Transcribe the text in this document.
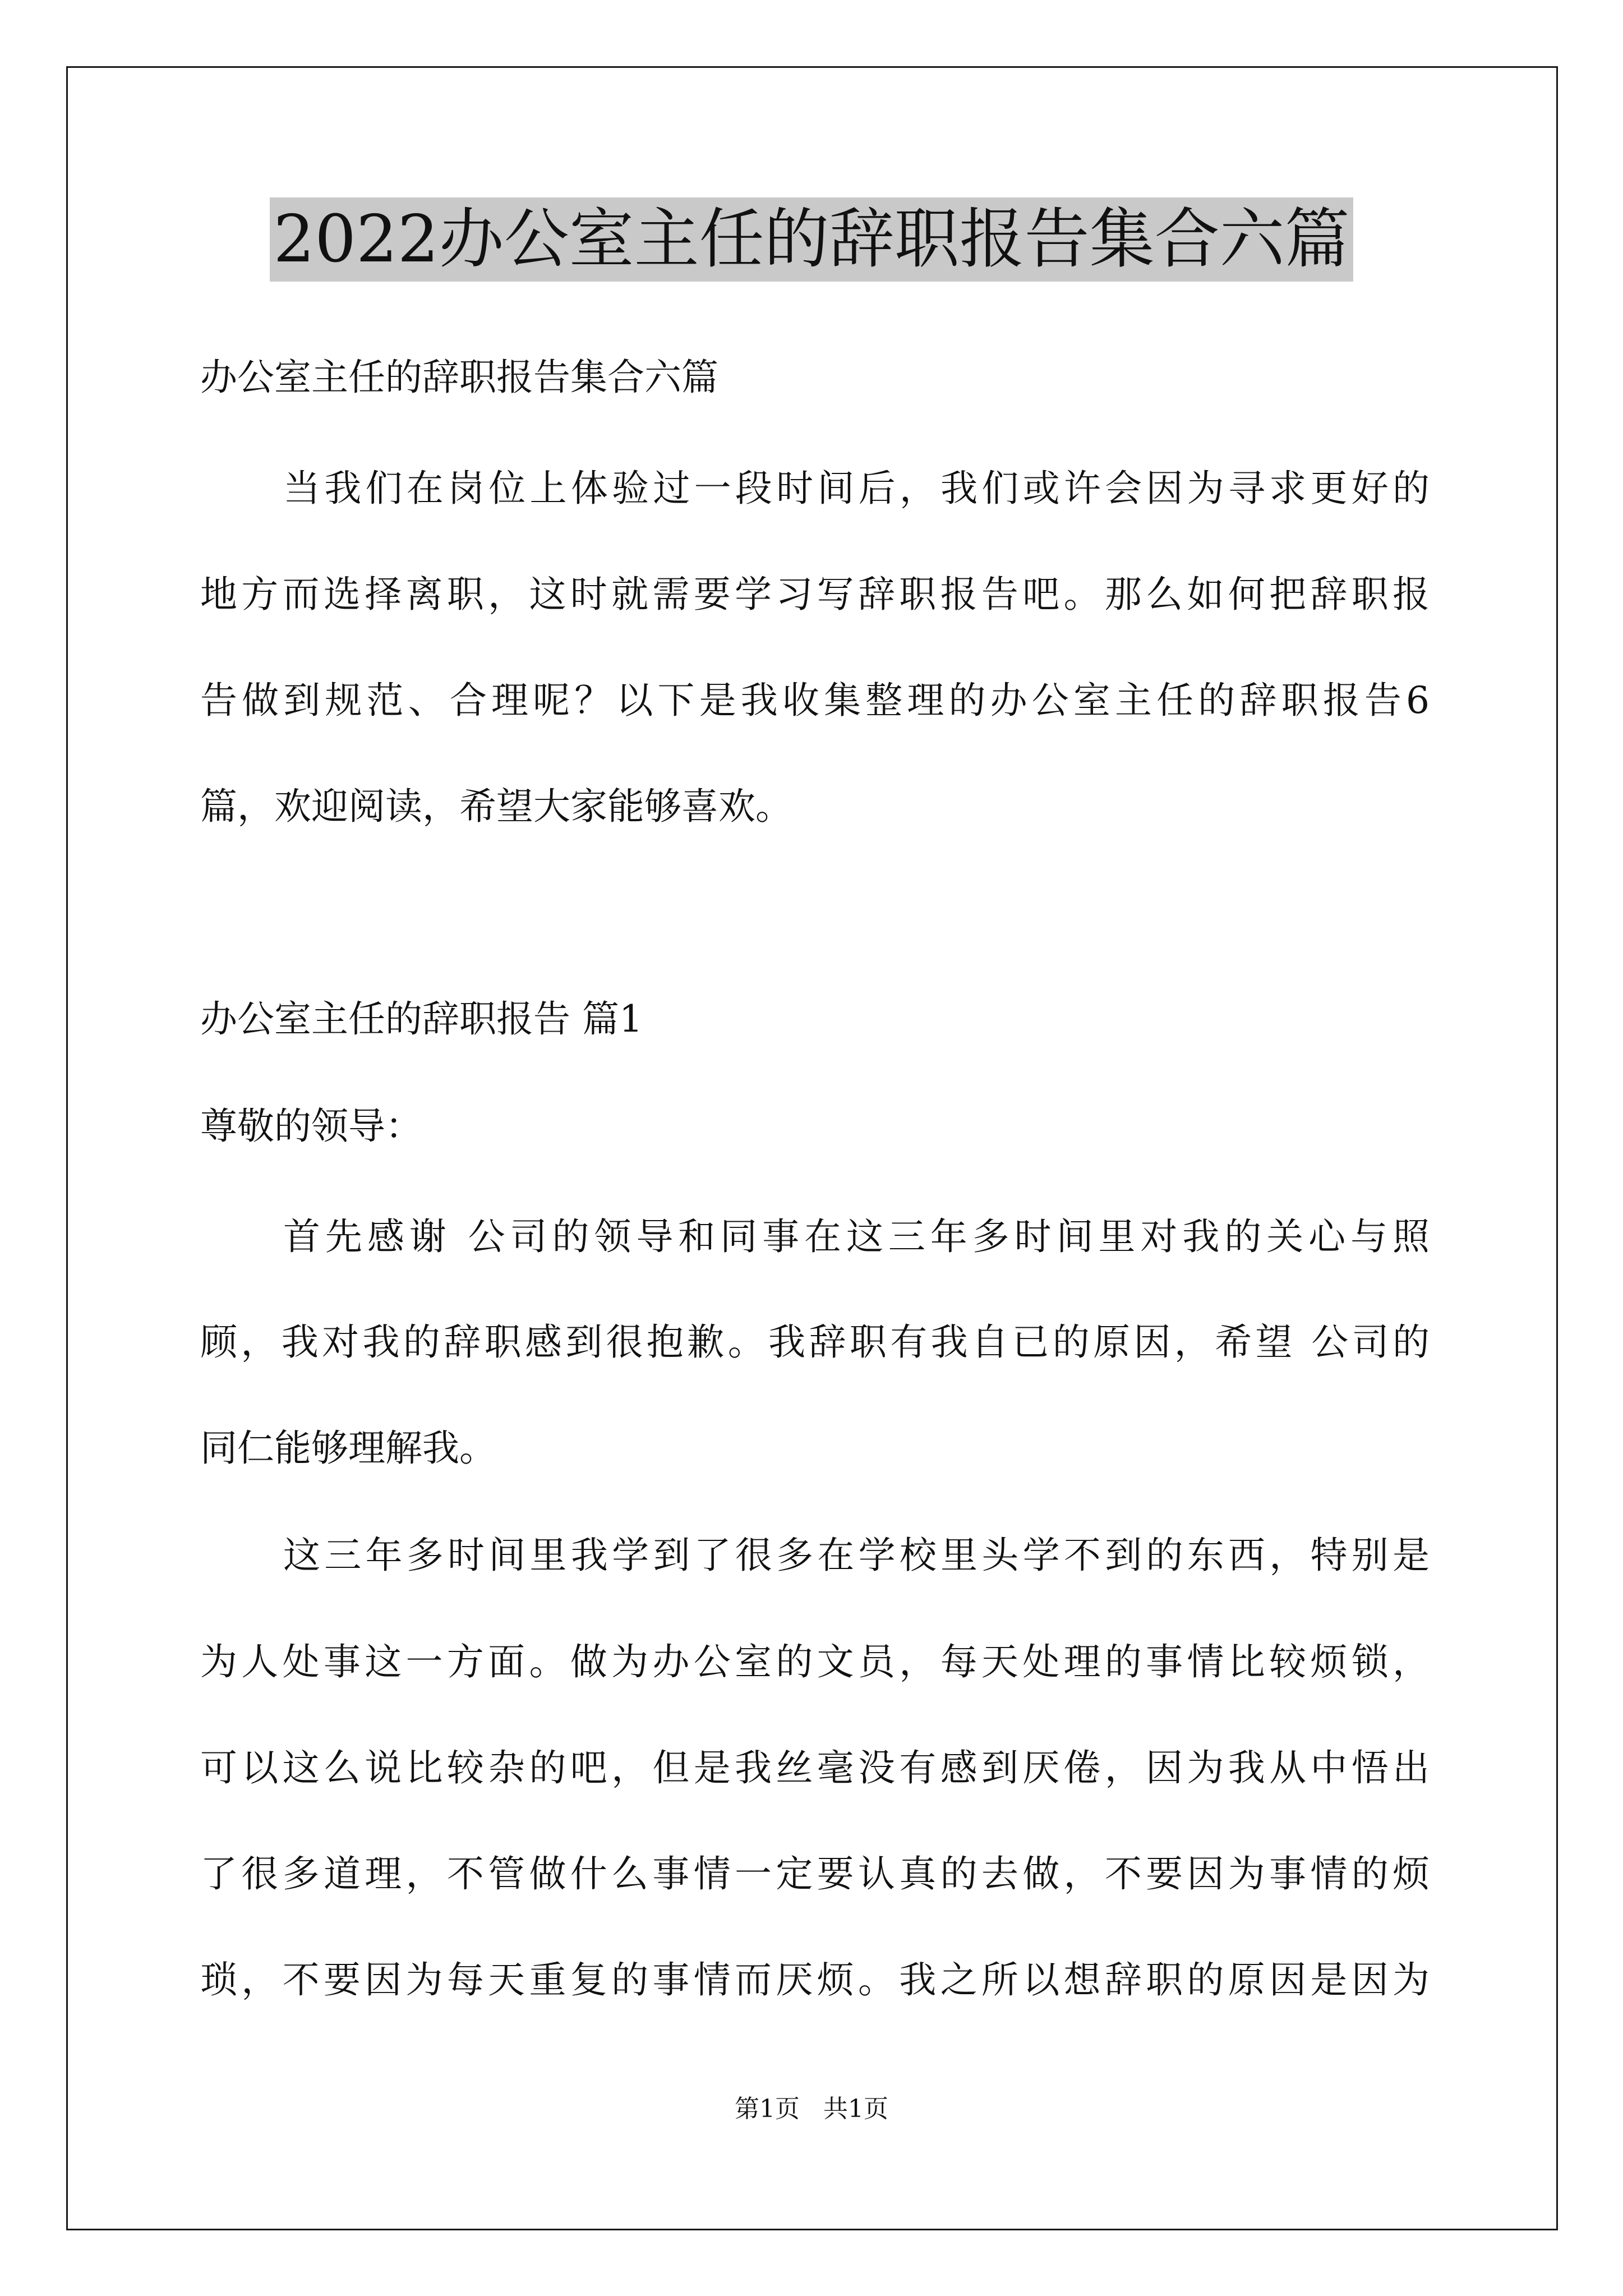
2022办公室主任的辞职报告集合六篇
办公室主任的辞职报告集合六篇
当我们在岗位上体验过一段时间后，我们或许会因为寻求更好的
地方而选择离职，这时就需要学习写辞职报告吧。那么如何把辞职报
告做到规范、合理呢？以下是我收集整理的办公室主任的辞职报告6
篇，欢迎阅读，希望大家能够喜欢。
办公室主任的辞职报告 篇1
尊敬的领导：
首先感谢 公司的领导和同事在这三年多时间里对我的关心与照
顾，我对我的辞职感到很抱歉。我辞职有我自已的原因，希望 公司的
同仁能够理解我。
这三年多时间里我学到了很多在学校里头学不到的东西，特别是
为人处事这一方面。做为办公室的文员，每天处理的事情比较烦锁，
可以这么说比较杂的吧，但是我丝毫没有感到厌倦，因为我从中悟出
了很多道理，不管做什么事情一定要认真的去做，不要因为事情的烦
琐，不要因为每天重复的事情而厌烦。我之所以想辞职的原因是因为
第1页   共1页
